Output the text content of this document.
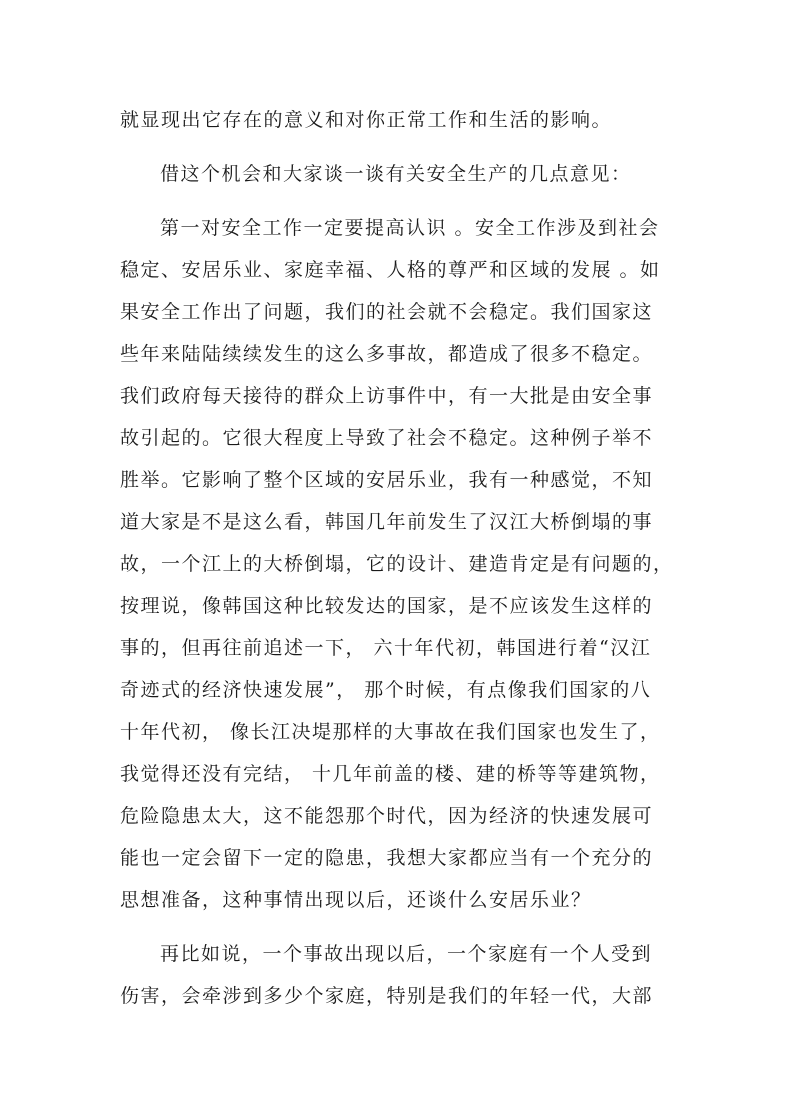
就显现出它存在的意义和对你正常工作和生活的影响。
借这个机会和大家谈一谈有关安全生产的几点意见：
第一对安全工作一定要提高认识 。安全工作涉及到社会
稳定、安居乐业、家庭幸福、人格的尊严和区域的发展 。如
果安全工作出了问题，我们的社会就不会稳定。我们国家这
些年来陆陆续续发生的这么多事故，都造成了很多不稳定。
我们政府每天接待的群众上访事件中，有一大批是由安全事
故引起的。它很大程度上导致了社会不稳定。这种例子举不
胜举。它影响了整个区域的安居乐业，我有一种感觉，不知
道大家是不是这么看，韩国几年前发生了汉江大桥倒塌的事
故，一个江上的大桥倒塌，它的设计、建造肯定是有问题的，
按理说，像韩国这种比较发达的国家，是不应该发生这样的
事的，但再往前追述一下， 六十年代初，韩国进行着“汉江
奇迹式的经济快速发展”， 那个时候，有点像我们国家的八
十年代初， 像长江决堤那样的大事故在我们国家也发生了，
我觉得还没有完结， 十几年前盖的楼、建的桥等等建筑物，
危险隐患太大，这不能怨那个时代，因为经济的快速发展可
能也一定会留下一定的隐患，我想大家都应当有一个充分的
思想准备，这种事情出现以后，还谈什么安居乐业？
再比如说，一个事故出现以后，一个家庭有一个人受到
伤害，会牵涉到多少个家庭，特别是我们的年轻一代，大部
